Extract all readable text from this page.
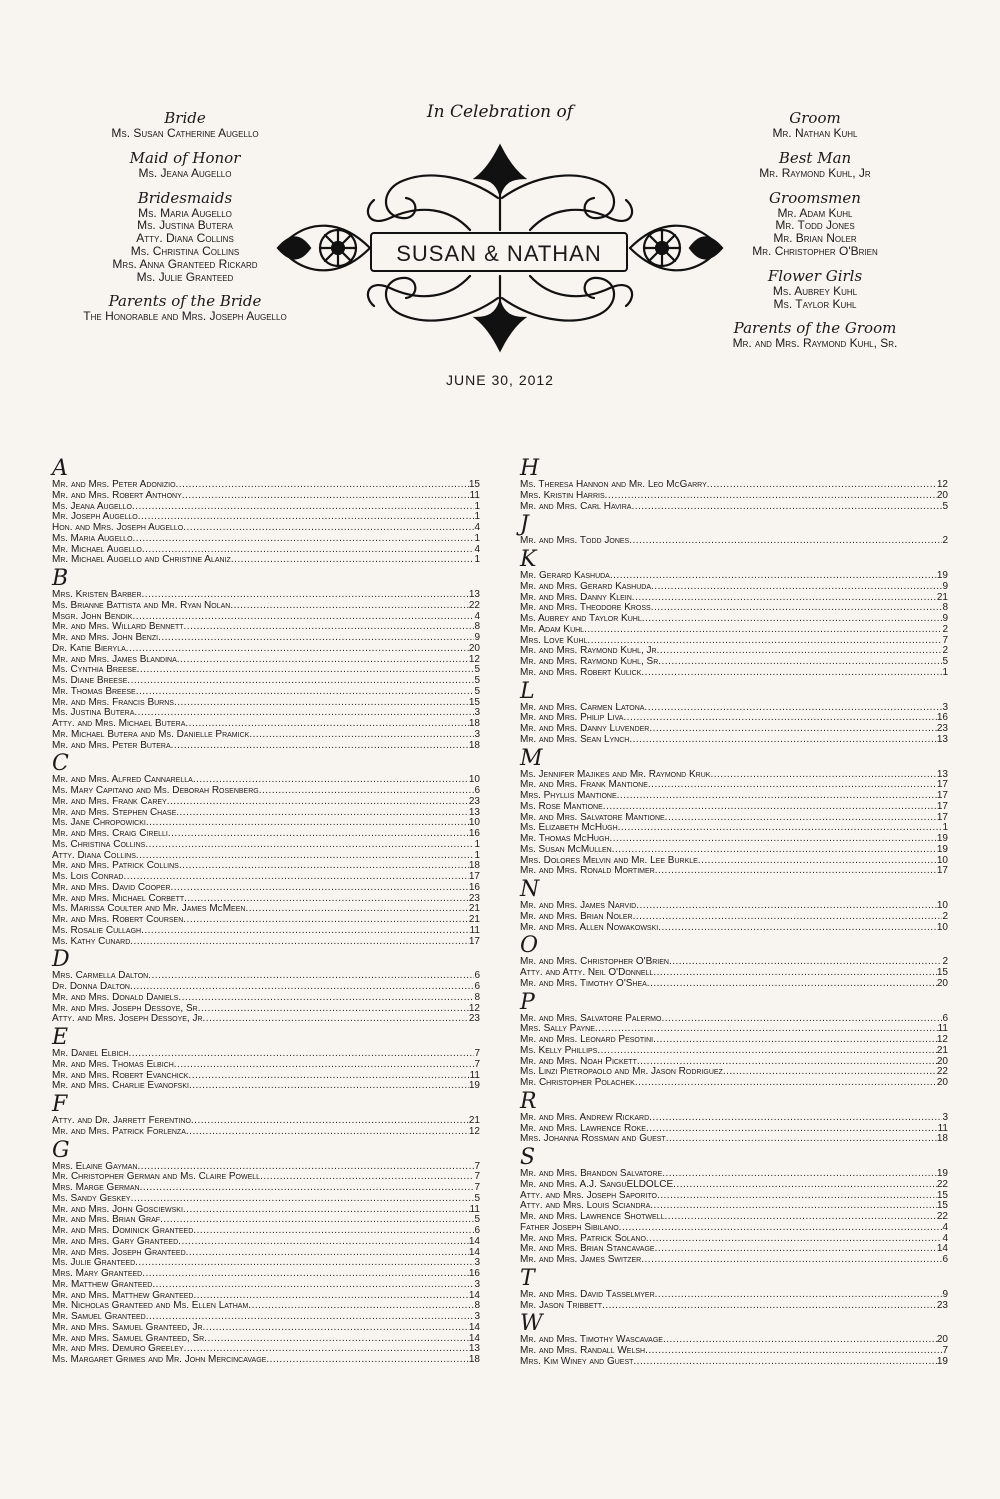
Bride
Ms. Susan Catherine Augello
Maid of Honor
Ms. Jeana Augello
Bridesmaids
Ms. Maria Augello
Ms. Justina Butera
Atty. Diana Collins
Ms. Christina Collins
Mrs. Anna Granteed Rickard
Ms. Julie Granteed
Parents of the Bride
The Honorable and Mrs. Joseph Augello
In Celebration of
SUSAN & NATHAN
JUNE 30, 2012
Groom
Mr. Nathan Kuhl
Best Man
Mr. Raymond Kuhl, Jr
Groomsmen
Mr. Adam Kuhl
Mr. Todd Jones
Mr. Brian Noler
Mr. Christopher O'Brien
Flower Girls
Ms. Aubrey Kuhl
Ms. Taylor Kuhl
Parents of the Groom
Mr. and Mrs. Raymond Kuhl, Sr.
A
Mr. and Mrs. Peter Adonizio .....	15
Mr. and Mrs. Robert Anthony .....	11
Ms. Jeana Augello .....	1
Mr. Joseph Augello .....	1
Hon. and Mrs. Joseph Augello .....	4
Ms. Maria Augello .....	1
Mr. Michael Augello .....	4
Mr. Michael Augello and Christine Alaniz .....	1
B
Mrs. Kristen Barber .....	13
Ms. Brianne Battista and Mr. Ryan Nolan .....	22
Msgr. John Bendik .....	4
Mr. and Mrs. Willard Bennett .....	8
Mr. and Mrs. John Benzi .....	9
Dr. Katie Bieryla .....	20
Mr. and Mrs. James Blandina .....	12
Ms. Cynthia Breese .....	5
Ms. Diane Breese .....	5
Mr. Thomas Breese .....	5
Mr. and Mrs. Francis Burns .....	15
Ms. Justina Butera .....	3
Atty. and Mrs. Michael Butera .....	18
Mr. Michael Butera and Ms. Danielle Pramick .....	3
Mr. and Mrs. Peter Butera .....	18
C
Mr. and Mrs. Alfred Cannarella .....	10
Ms. Mary Capitano and Ms. Deborah Rosenberg .....	6
Mr. and Mrs. Frank Carey .....	23
Mr. and Mrs. Stephen Chase .....	13
Ms. Jane Chropowicki .....	10
Mr. and Mrs. Craig Cirelli .....	16
Ms. Christina Collins .....	1
Atty. Diana Collins .....	1
Mr. and Mrs. Patrick Collins .....	18
Ms. Lois Conrad .....	17
Mr. and Mrs. David Cooper .....	16
Mr. and Mrs. Michael Corbett .....	23
Ms. Marissa Coulter and Mr. James McMeen .....	21
Mr. and Mrs. Robert Coursen .....	21
Ms. Rosalie Cullagh .....	11
Ms. Kathy Cunard .....	17
D
Mrs. Carmella Dalton .....	6
Dr. Donna Dalton .....	6
Mr. and Mrs. Donald Daniels .....	8
Mr. and Mrs. Joseph Dessoye, Sr .....	12
Atty. and Mrs. Joseph Dessoye, Jr .....	23
E
Mr. Daniel Elbich .....	7
Mr. and Mrs. Thomas Elbich .....	7
Mr. and Mrs. Robert Evanchick .....	11
Mr. and Mrs. Charlie Evanofski .....	19
F
Atty. and Dr. Jarrett Ferentino .....	21
Mr. and Mrs. Patrick Forlenza .....	12
G
Mrs. Elaine Gayman .....	7
Mr. Christopher German and Ms. Claire Powell .....	7
Mrs. Marge German .....	7
Ms. Sandy Geskey .....	5
Mr. and Mrs. John Gosciewski .....	11
Mr. and Mrs. Brian Graf .....	5
Mr. and Mrs. Dominick Granteed .....	6
Mr. and Mrs. Gary Granteed .....	14
Mr. and Mrs. Joseph Granteed .....	14
Ms. Julie Granteed .....	3
Mrs. Mary Granteed .....	16
Mr. Matthew Granteed .....	3
Mr. and Mrs. Matthew Granteed .....	14
Mr. Nicholas Granteed and Ms. Ellen Latham .....	8
Mr. Samuel Granteed .....	3
Mr. and Mrs. Samuel Granteed, Jr .....	14
Mr. and Mrs. Samuel Granteed, Sr .....	14
Mr. and Mrs. Demuro Greeley .....	13
Ms. Margaret Grimes and Mr. John Mercincavage .....	18
H
Ms. Theresa Hannon and Mr. Leo McGarry .....	12
Mrs. Kristin Harris .....	20
Mr. and Mrs. Carl Havira .....	5
J
Mr. and Mrs. Todd Jones .....	2
K
Mr. Gerard Kashuda .....	19
Mr. and Mrs. Gerard Kashuda .....	9
Mr. and Mrs. Danny Klein .....	21
Mr. and Mrs. Theodore Kross .....	8
Ms. Aubrey and Taylor Kuhl .....	9
Mr. Adam Kuhl .....	2
Mrs. Love Kuhl .....	7
Mr. and Mrs. Raymond Kuhl, Jr .....	2
Mr. and Mrs. Raymond Kuhl, Sr .....	5
Mr. and Mrs. Robert Kulick .....	1
L
Mr. and Mrs. Carmen Latona .....	3
Mr. and Mrs. Philip Liva .....	16
Mr. and Mrs. Danny Luvender .....	23
Mr. and Mrs. Sean Lynch .....	13
M
Ms. Jennifer Majikes and Mr. Raymond Kruk .....	13
Mr. and Mrs. Frank Mantione .....	17
Mrs. Phyllis Mantione .....	17
Ms. Rose Mantione .....	17
Mr. and Mrs. Salvatore Mantione .....	17
Ms. Elizabeth McHugh .....	1
Mr. Thomas McHugh .....	19
Ms. Susan McMullen .....	19
Mrs. Dolores Melvin and Mr. Lee Burkle .....	10
Mr. and Mrs. Ronald Mortimer .....	17
N
Mr. and Mrs. James Narvid .....	10
Mr. and Mrs. Brian Noler .....	2
Mr. and Mrs. Allen Nowakowski .....	10
O
Mr. and Mrs. Christopher O'Brien .....	2
Atty. and Atty. Neil O'Donnell .....	15
Mr. and Mrs. Timothy O'Shea .....	20
P
Mr. and Mrs. Salvatore Palermo .....	6
Mrs. Sally Payne .....	11
Mr. and Mrs. Leonard Pesotini .....	12
Ms. Kelly Phillips .....	21
Mr. and Mrs. Noah Pickett .....	20
Ms. Linzi Pietropaolo and Mr. Jason Rodriguez .....	22
Mr. Christopher Polachek .....	20
R
Mr. and Mrs. Andrew Rickard .....	3
Mr. and Mrs. Lawrence Roke .....	11
Mrs. Johanna Rossman and Guest .....	18
S
Mr. and Mrs. Brandon Salvatore .....	19
Mr. and Mrs. A.J. SanguELDOLCE .....	22
Atty. and Mrs. Joseph Saporito .....	15
Atty. and Mrs. Louis Sciandra .....	15
Mr. and Mrs. Lawrence Shotwell .....	22
Father Joseph Sibilano .....	4
Mr. and Mrs. Patrick Solano .....	4
Mr. and Mrs. Brian Stancavage .....	14
Mr. and Mrs. James Switzer .....	6
T
Mr. and Mrs. David Tasselmyer .....	9
Mr. Jason Tribbett .....	23
W
Mr. and Mrs. Timothy Wascavage .....	20
Mr. and Mrs. Randall Welsh .....	7
Mrs. Kim Winey and Guest .....	19
